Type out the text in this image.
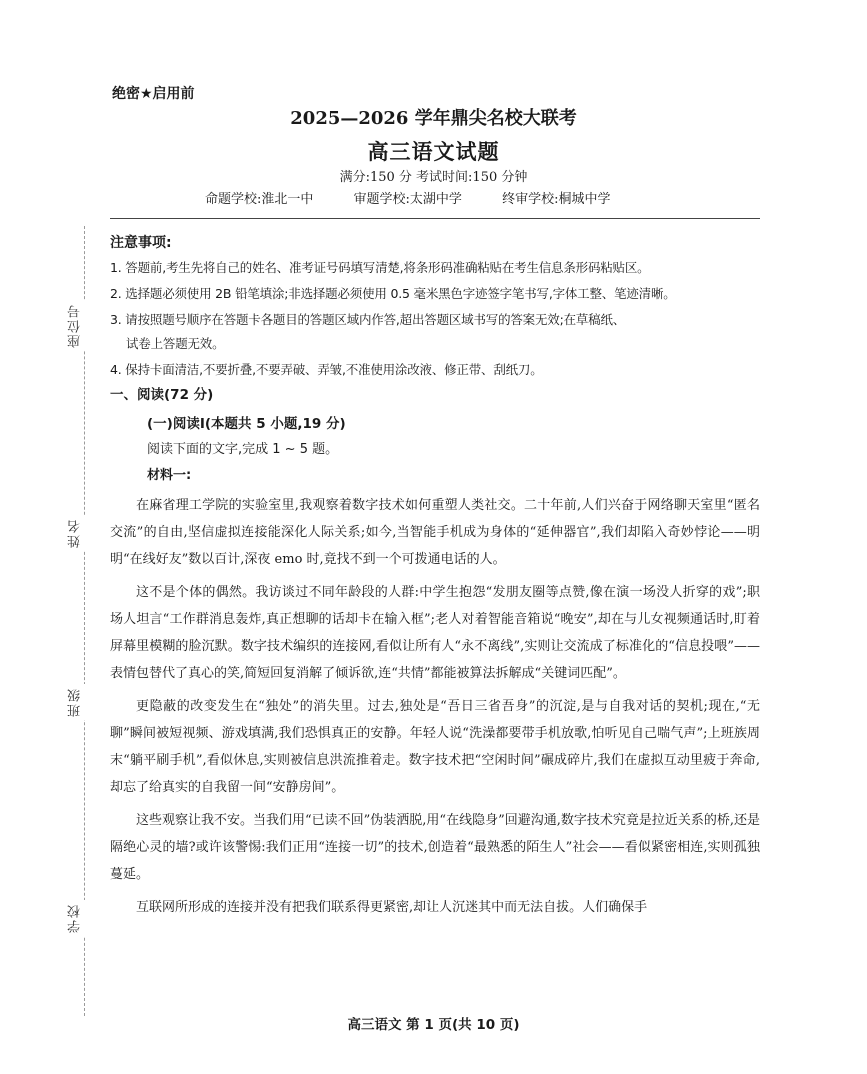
座位号
姓名
班级
学校
绝密★启用前
2025—2026 学年鼎尖名校大联考
高三语文试题
满分:150 分 考试时间:150 分钟
命题学校:淮北一中	审题学校:太湖中学	终审学校:桐城中学
注意事项:
1. 答题前,考生先将自己的姓名、准考证号码填写清楚,将条形码准确粘贴在考生信息条形码粘贴区。
2. 选择题必须使用 2B 铅笔填涂;非选择题必须使用 0.5 毫米黑色字迹签字笔书写,字体工整、笔迹清晰。
3. 请按照题号顺序在答题卡各题目的答题区域内作答,超出答题区域书写的答案无效;在草稿纸、
试卷上答题无效。
4. 保持卡面清洁,不要折叠,不要弄破、弄皱,不准使用涂改液、修正带、刮纸刀。
一、阅读(72 分)
(一)阅读Ⅰ(本题共 5 小题,19 分)
阅读下面的文字,完成 1 ~ 5 题。
材料一:

在麻省理工学院的实验室里,我观察着数字技术如何重塑人类社交。二十年前,人们兴奋于网络聊天室里“匿名交流”的自由,坚信虚拟连接能深化人际关系;如今,当智能手机成为身体的“延伸器官”,我们却陷入奇妙悖论——明明“在线好友”数以百计,深夜 emo 时,竟找不到一个可拨通电话的人。

这不是个体的偶然。我访谈过不同年龄段的人群:中学生抱怨“发朋友圈等点赞,像在演一场没人折穿的戏”;职场人坦言“工作群消息轰炸,真正想聊的话却卡在输入框”;老人对着智能音箱说“晚安”,却在与儿女视频通话时,盯着屏幕里模糊的脸沉默。数字技术编织的连接网,看似让所有人“永不离线”,实则让交流成了标准化的“信息投喂”——表情包替代了真心的笑,简短回复消解了倾诉欲,连“共情”都能被算法拆解成“关键词匹配”。

更隐蔽的改变发生在“独处”的消失里。过去,独处是“吾日三省吾身”的沉淀,是与自我对话的契机;现在,“无聊”瞬间被短视频、游戏填满,我们恐惧真正的安静。年轻人说“洗澡都要带手机放歌,怕听见自己喘气声”;上班族周末“躺平刷手机”,看似休息,实则被信息洪流推着走。数字技术把“空闲时间”碾成碎片,我们在虚拟互动里疲于奔命,却忘了给真实的自我留一间“安静房间”。

这些观察让我不安。当我们用“已读不回”伪装洒脱,用“在线隐身”回避沟通,数字技术究竟是拉近关系的桥,还是隔绝心灵的墙?或许该警惕:我们正用“连接一切”的技术,创造着“最熟悉的陌生人”社会——看似紧密相连,实则孤独蔓延。

互联网所形成的连接并没有把我们联系得更紧密,却让人沉迷其中而无法自拔。人们确保手

高三语文 第 1 页(共 10 页)
